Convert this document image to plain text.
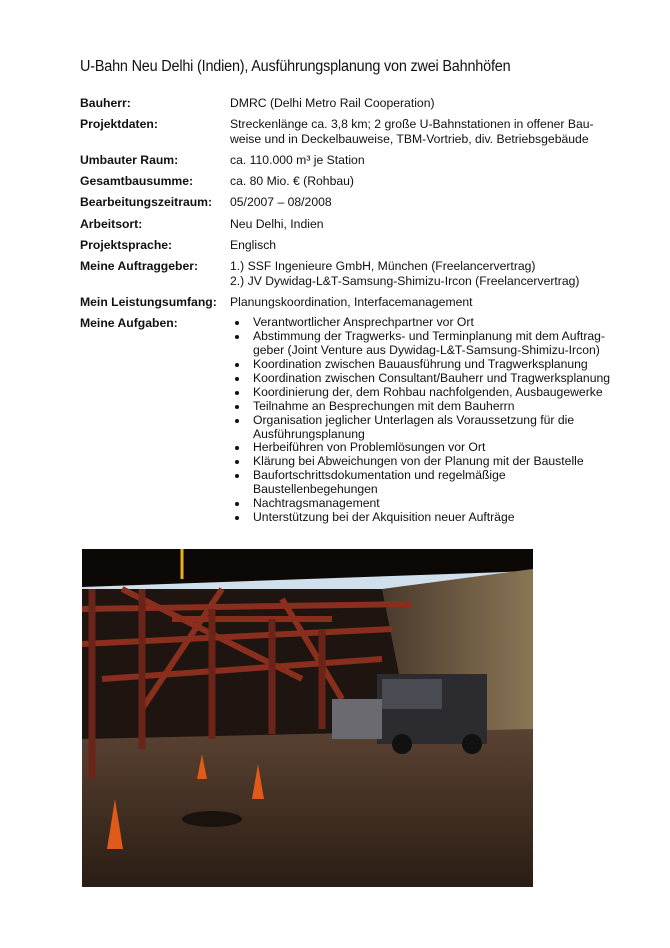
U-Bahn Neu Delhi (Indien), Ausführungsplanung von zwei Bahnhöfen
Bauherr:	DMRC (Delhi Metro Rail Cooperation)
Projektdaten:	Streckenlänge ca. 3,8 km; 2 große U-Bahnstationen in offener Bau-
weise und in Deckelbauweise, TBM-Vortrieb, div. Betriebsgebäude
Umbauter Raum:	ca. 110.000 m³ je Station
Gesamtbausumme:	ca. 80 Mio. € (Rohbau)
Bearbeitungszeitraum:	05/2007 – 08/2008
Arbeitsort:	Neu Delhi, Indien
Projektsprache:	Englisch
Meine Auftraggeber:	1.) SSF Ingenieure GmbH, München (Freelancervertrag)
2.) JV Dywidag-L&T-Samsung-Shimizu-Ircon (Freelancervertrag)
Mein Leistungsumfang:	Planungskoordination, Interfacemanagement
Meine Aufgaben:	Verantwortlicher Ansprechpartner vor Ort
Abstimmung der Tragwerks- und Terminplanung mit dem Auftrag-
geber (Joint Venture aus Dywidag-L&T-Samsung-Shimizu-Ircon)
Koordination zwischen Bauausführung und Tragwerksplanung
Koordination zwischen Consultant/Bauherr und Tragwerksplanung
Koordinierung der, dem Rohbau nachfolgenden, Ausbaugewerke
Teilnahme an Besprechungen mit dem Bauherrn
Organisation jeglicher Unterlagen als Voraussetzung für die
Ausführungsplanung
Herbeiführen von Problemlösungen vor Ort
Klärung bei Abweichungen von der Planung mit der Baustelle
Baufortschrittsdokumentation und regelmäßige
Baustellenbegehungen
Nachtragsmanagement
Unterstützung bei der Akquisition neuer Aufträge
